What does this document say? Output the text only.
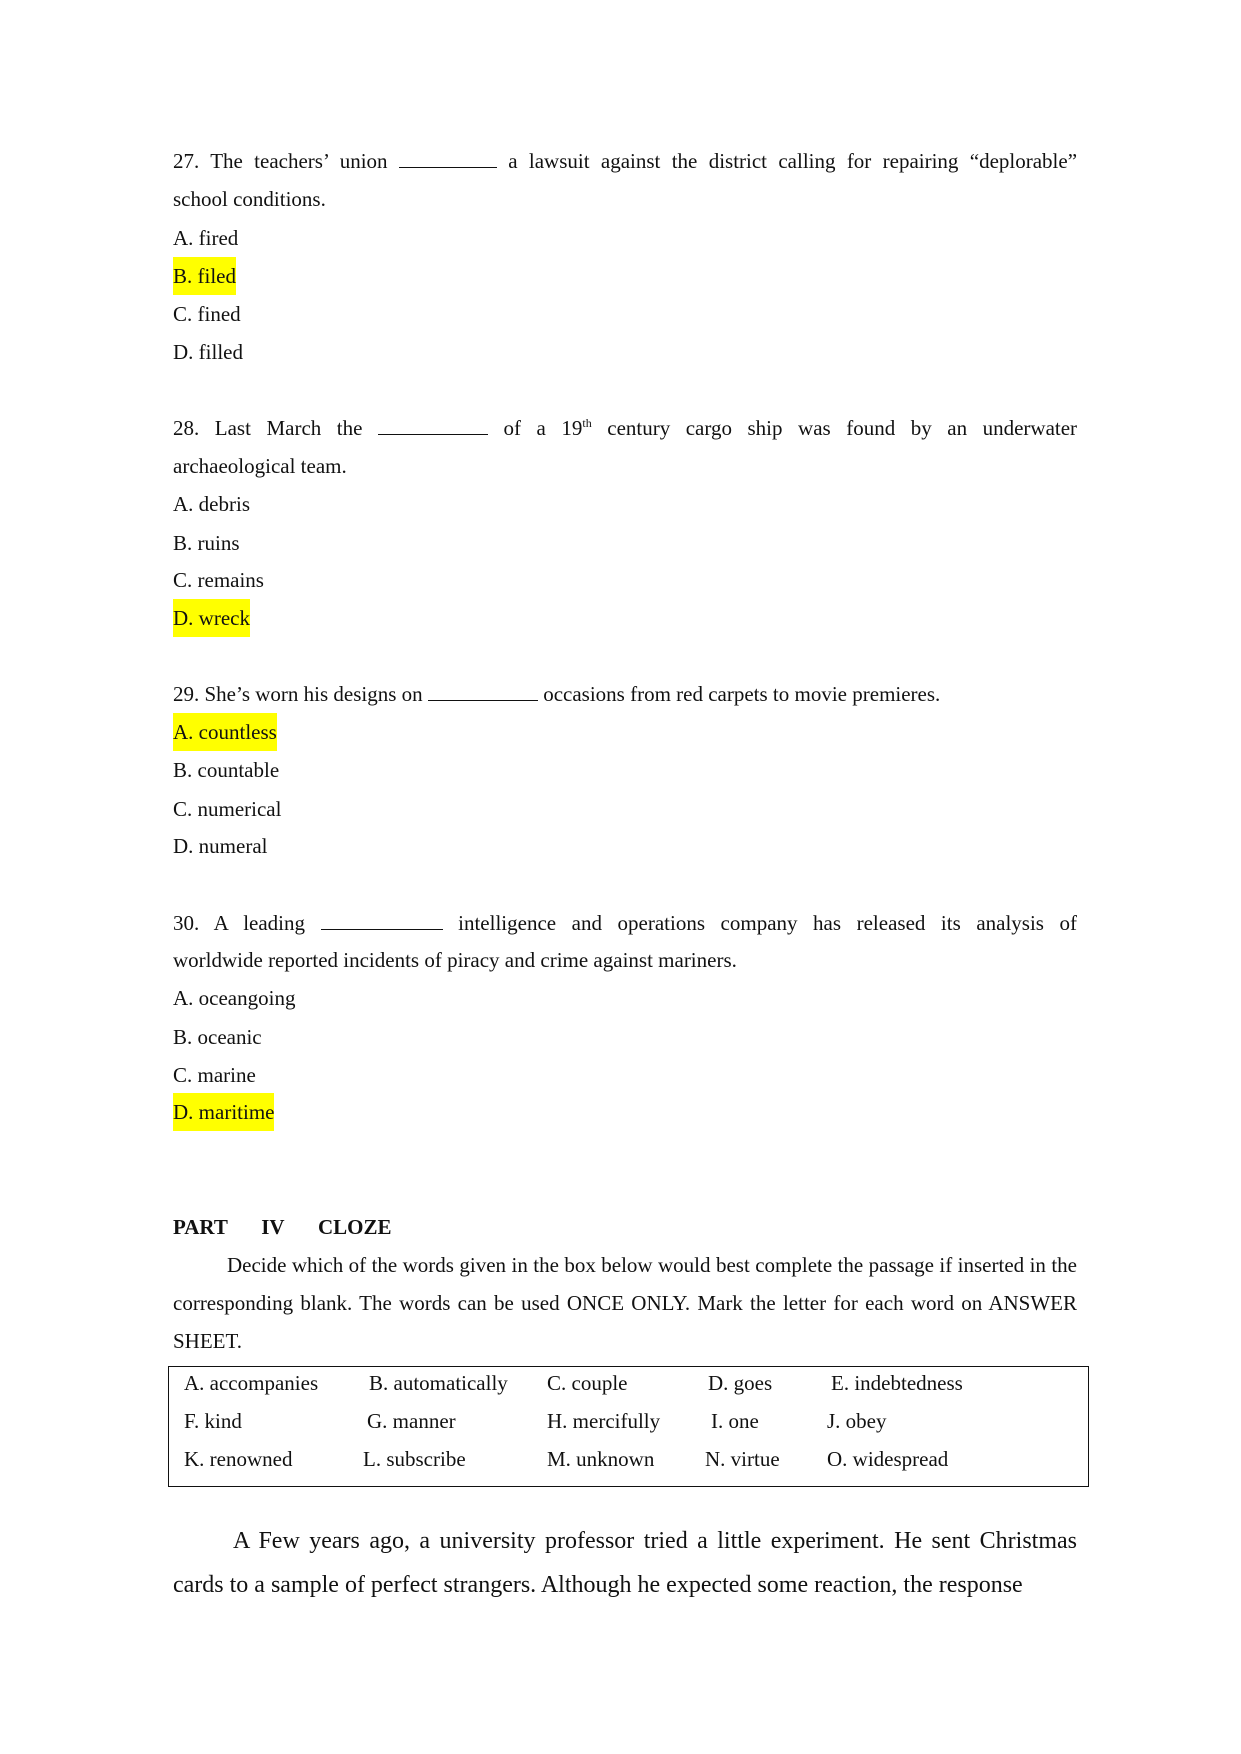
27. The teachers’ union	a lawsuit against the district calling for repairing “deplorable”
school conditions.
A. fired
B. filed
C. fined
D. filled
28. Last March the	of a 19th century cargo ship was found by an underwater
archaeological team.
A. debris
B. ruins
C. remains
D. wreck
29. She’s worn his designs on	occasions from red carpets to movie premieres.
A. countless
B. countable
C. numerical
D. numeral
30. A leading	intelligence and operations company has released its analysis of
worldwide reported incidents of piracy and crime against mariners.
A. oceangoing
B. oceanic
C. marine
D. maritime
PART   IV   CLOZE
Decide which of the words given in the box below would best complete the passage if inserted in the corresponding blank. The words can be used ONCE ONLY. Mark the letter for each word on ANSWER SHEET.
A. accompanies B. automatically C. couple	D. goes	E. indebtedness
F. kind	G. manner	H. mercifully I. one	J. obey
K. renowned	L. subscribe	M. unknown N. virtue O. widespread
A Few years ago, a university professor tried a little experiment. He sent Christmas cards to a sample of perfect strangers. Although he expected some reaction, the response
